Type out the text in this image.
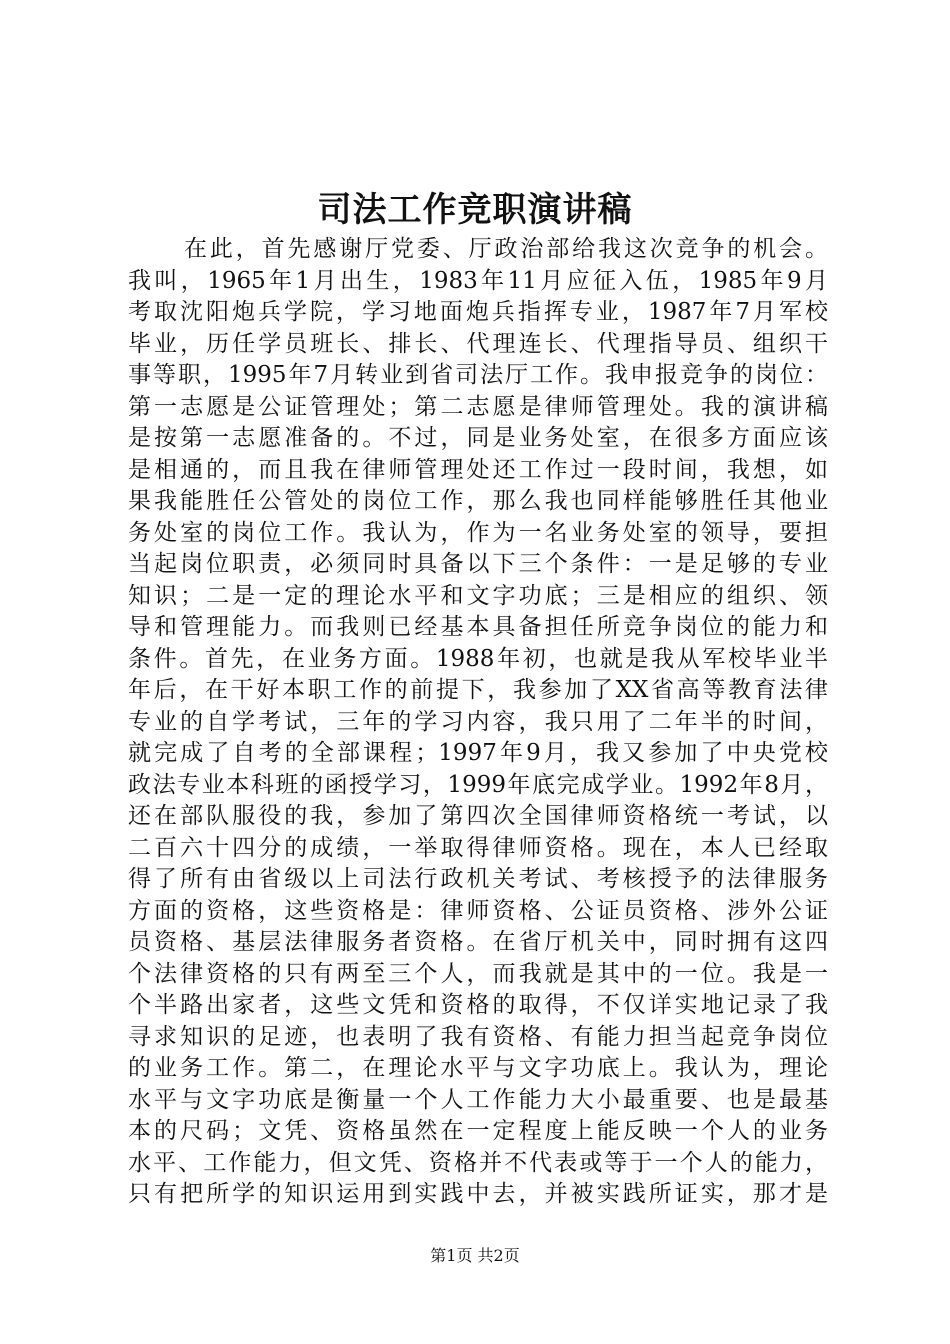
司法工作竞职演讲稿
在此，首先感谢厅党委、厅政治部给我这次竞争的机会。
我叫，1965年1月出生，1983年11月应征入伍，1985年9月
考取沈阳炮兵学院，学习地面炮兵指挥专业，1987年7月军校
毕业，历任学员班长、排长、代理连长、代理指导员、组织干
事等职，1995年7月转业到省司法厅工作。我申报竞争的岗位：
第一志愿是公证管理处；第二志愿是律师管理处。我的演讲稿
是按第一志愿准备的。不过，同是业务处室，在很多方面应该
是相通的，而且我在律师管理处还工作过一段时间，我想，如
果我能胜任公管处的岗位工作，那么我也同样能够胜任其他业
务处室的岗位工作。我认为，作为一名业务处室的领导，要担
当起岗位职责，必须同时具备以下三个条件：一是足够的专业
知识；二是一定的理论水平和文字功底；三是相应的组织、领
导和管理能力。而我则已经基本具备担任所竞争岗位的能力和
条件。首先，在业务方面。1988年初，也就是我从军校毕业半
年后，在干好本职工作的前提下，我参加了XX省高等教育法律
专业的自学考试，三年的学习内容，我只用了二年半的时间，
就完成了自考的全部课程；1997年9月，我又参加了中央党校
政法专业本科班的函授学习，1999年底完成学业。1992年8月，
还在部队服役的我，参加了第四次全国律师资格统一考试，以
二百六十四分的成绩，一举取得律师资格。现在，本人已经取
得了所有由省级以上司法行政机关考试、考核授予的法律服务
方面的资格，这些资格是：律师资格、公证员资格、涉外公证
员资格、基层法律服务者资格。在省厅机关中，同时拥有这四
个法律资格的只有两至三个人，而我就是其中的一位。我是一
个半路出家者，这些文凭和资格的取得，不仅详实地记录了我
寻求知识的足迹，也表明了我有资格、有能力担当起竞争岗位
的业务工作。第二，在理论水平与文字功底上。我认为，理论
水平与文字功底是衡量一个人工作能力大小最重要、也是最基
本的尺码；文凭、资格虽然在一定程度上能反映一个人的业务
水平、工作能力，但文凭、资格并不代表或等于一个人的能力，
只有把所学的知识运用到实践中去，并被实践所证实，那才是
第1页 共2页
